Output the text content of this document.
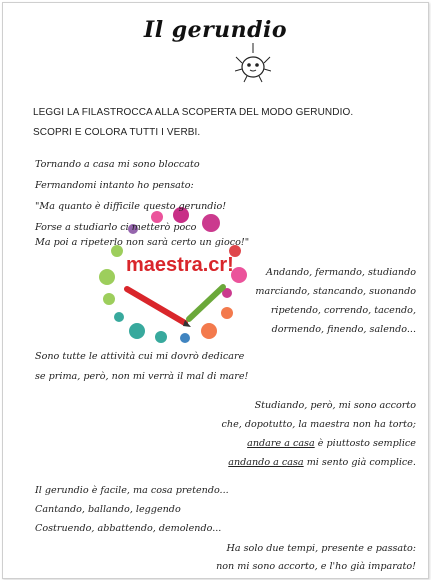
Il gerundio
LEGGI LA FILASTROCCA ALLA SCOPERTA DEL MODO GERUNDIO.
SCOPRI E COLORA TUTTI I VERBI.
maestra.cr!
Tornando a casa mi sono bloccato
Fermandomi intanto ho pensato:
"Ma quanto è difficile questo gerundio!
Forse a studiarlo ci metterò poco
Ma poi a ripeterlo non sarà certo un gioco!"
Andando, fermando, studiando
marciando, stancando, suonando
ripetendo, correndo, tacendo,
dormendo, finendo, salendo...
Sono tutte le attività cui mi dovrò dedicare
se prima, però, non mi verrà il mal di mare!
Studiando, però, mi sono accorto
che, dopotutto, la maestra non ha torto;
andare a casa è piuttosto semplice
andando a casa mi sento già complice.
Il gerundio è facile, ma cosa pretendo...
Cantando, ballando, leggendo
Costruendo, abbattendo, demolendo...
Ha solo due tempi, presente e passato:
non mi sono accorto, e l'ho già imparato!
